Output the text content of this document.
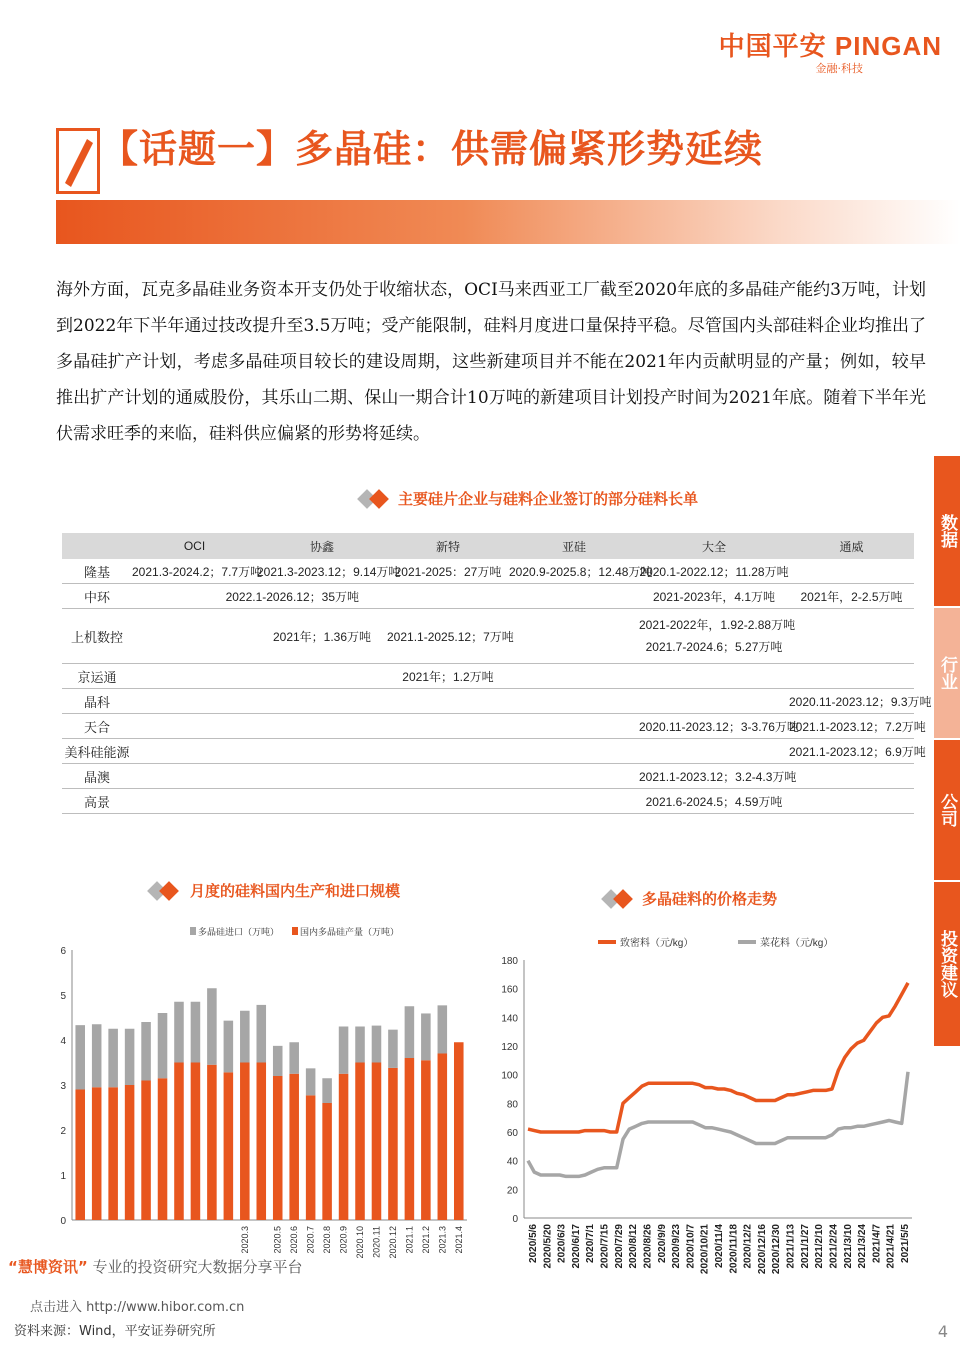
中国平安 PINGAN
金融·科技
【话题一】多晶硅：供需偏紧形势延续
海外方面，瓦克多晶硅业务资本开支仍处于收缩状态，OCI马来西亚工厂截至2020年底的多晶硅产能约3万吨，计划到2022年下半年通过技改提升至3.5万吨；受产能限制，硅料月度进口量保持平稳。尽管国内头部硅料企业均推出了多晶硅扩产计划，考虑多晶硅项目较长的建设周期，这些新建项目并不能在2021年内贡献明显的产量；例如，较早推出扩产计划的通威股份，其乐山二期、保山一期合计10万吨的新建项目计划投产时间为2021年底。随着下半年光伏需求旺季的来临，硅料供应偏紧的形势将延续。
数据
行业
公司
投资建议
主要硅片企业与硅料企业签订的部分硅料长单
	OCI	协鑫	新特	亚硅	大全	通威
隆基	2021.3-2024.2；7.7万吨	2021.3-2023.12；9.14万吨	2021-2025：27万吨	2020.9-2025.8；12.48万吨	2020.1-2022.12；11.28万吨	
中环	2022.1-2026.12；35万吨				2021-2023年，4.1万吨	2021年，2-2.5万吨
上机数控		2021年；1.36万吨	2021.1-2025.12；7万吨		2021-2022年，1.92-2.88万吨
2021.7-2024.6；5.27万吨	

京运通			2021年；1.2万吨			
晶科						2020.11-2023.12；9.3万吨
天合					2020.11-2023.12；3-3.76万吨	2021.1-2023.12；7.2万吨
美科硅能源						2021.1-2023.12；6.9万吨
晶澳					2021.1-2023.12；3.2-4.3万吨	
高景					2021.6-2024.5；4.59万吨	
月度的硅料国内生产和进口规模	多晶硅料的价格走势
多晶硅进口（万吨） 国内多晶硅产量（万吨）
0
1
2
3
4
5
6
2020.3	2020.5 2020.6 2020.7 2020.8 2020.9 2020.10 2020.11 2020.12 2021.1 2021.2 2021.3 2021.4
致密料（元/kg）	菜花料（元/kg）
0
20
40
60
80
100
120
140
160
180
2020/5/6 2020/5/20 2020/6/3 2020/6/17 2020/7/1 2020/7/15 2020/7/29 2020/8/12 2020/8/26 2020/9/9 2020/9/23 2020/10/7 2020/10/21 2020/11/4 2020/11/18 2020/12/2 2020/12/16 2020/12/30 2021/1/13 2021/1/27 2021/2/10 2021/2/24 2021/3/10 2021/3/24 2021/4/7 2021/4/21 2021/5/5
“慧博资讯” 专业的投资研究大数据分享平台
点击进入 http://www.hibor.com.cn
资料来源：Wind，平安证券研究所	4
